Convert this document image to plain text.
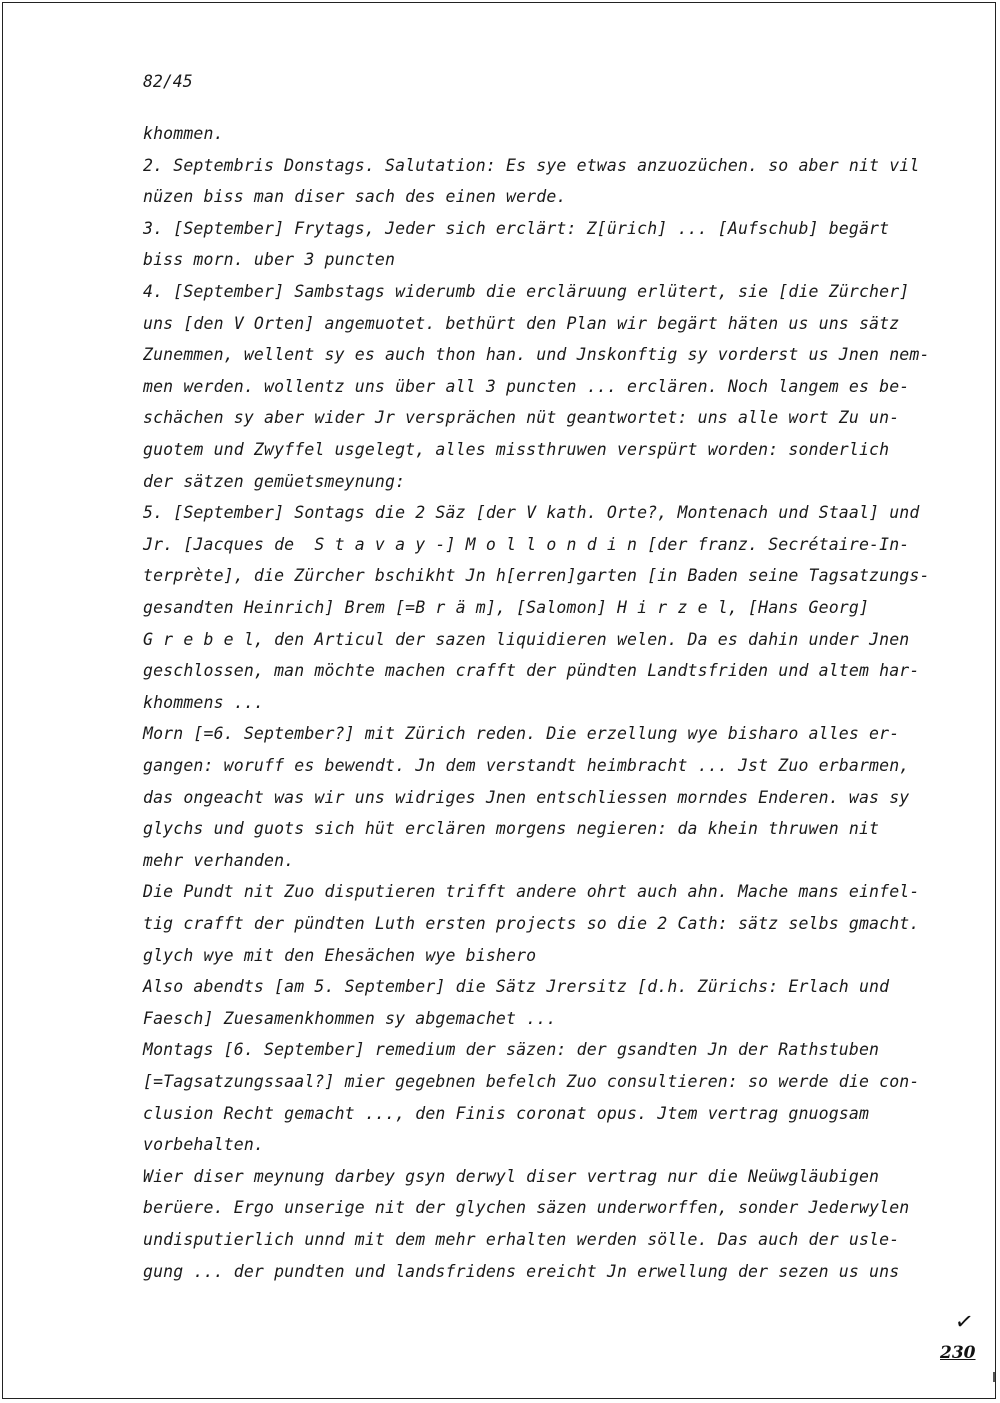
82/45
khommen.
2. Septembris Donstags. Salutation: Es sye etwas anzuozüchen. so aber nit vil
nüzen biss man diser sach des einen werde.
3. [September] Frytags, Jeder sich erclärt: Z[ürich] ... [Aufschub] begärt
biss morn. uber 3 puncten
4. [September] Sambstags widerumb die ercläruung erlütert, sie [die Zürcher]
uns [den V Orten] angemuotet. bethürt den Plan wir begärt häten us uns sätz
Zunemmen, wellent sy es auch thon han. und Jnskonftig sy vorderst us Jnen nem-
men werden. wollentz uns über all 3 puncten ... erclären. Noch langem es be-
schächen sy aber wider Jr versprächen nüt geantwortet: uns alle wort Zu un-
guotem und Zwyffel usgelegt, alles missthruwen verspürt worden: sonderlich
der sätzen gemüetsmeynung:
5. [September] Sontags die 2 Säz [der V kath. Orte?, Montenach und Staal] und
Jr. [Jacques de  S t a v a y -] M o l l o n d i n [der franz. Secrétaire-In-
terprète], die Zürcher bschikht Jn h[erren]garten [in Baden seine Tagsatzungs-
gesandten Heinrich] Brem [=B r ä m], [Salomon] H i r z e l, [Hans Georg]
G r e b e l, den Articul der sazen liquidieren welen. Da es dahin under Jnen
geschlossen, man möchte machen crafft der pündten Landtsfriden und altem har-
khommens ...
Morn [=6. September?] mit Zürich reden. Die erzellung wye bisharo alles er-
gangen: woruff es bewendt. Jn dem verstandt heimbracht ... Jst Zuo erbarmen,
das ongeacht was wir uns widriges Jnen entschliessen morndes Enderen. was sy
glychs und guots sich hüt erclären morgens negieren: da khein thruwen nit
mehr verhanden.
Die Pundt nit Zuo disputieren trifft andere ohrt auch ahn. Mache mans einfel-
tig crafft der pündten Luth ersten projects so die 2 Cath: sätz selbs gmacht.
glych wye mit den Ehesächen wye bishero
Also abendts [am 5. September] die Sätz Jrersitz [d.h. Zürichs: Erlach und
Faesch] Zuesamenkhommen sy abgemachet ...
Montags [6. September] remedium der säzen: der gsandten Jn der Rathstuben
[=Tagsatzungssaal?] mier gegebnen befelch Zuo consultieren: so werde die con-
clusion Recht gemacht ..., den Finis coronat opus. Jtem vertrag gnuogsam
vorbehalten.
Wier diser meynung darbey gsyn derwyl diser vertrag nur die Neüwgläubigen
berüere. Ergo unserige nit der glychen säzen underworffen, sonder Jederwylen
undisputierlich unnd mit dem mehr erhalten werden sölle. Das auch der usle-
gung ... der pundten und landsfridens ereicht Jn erwellung der sezen us uns
✓
230
